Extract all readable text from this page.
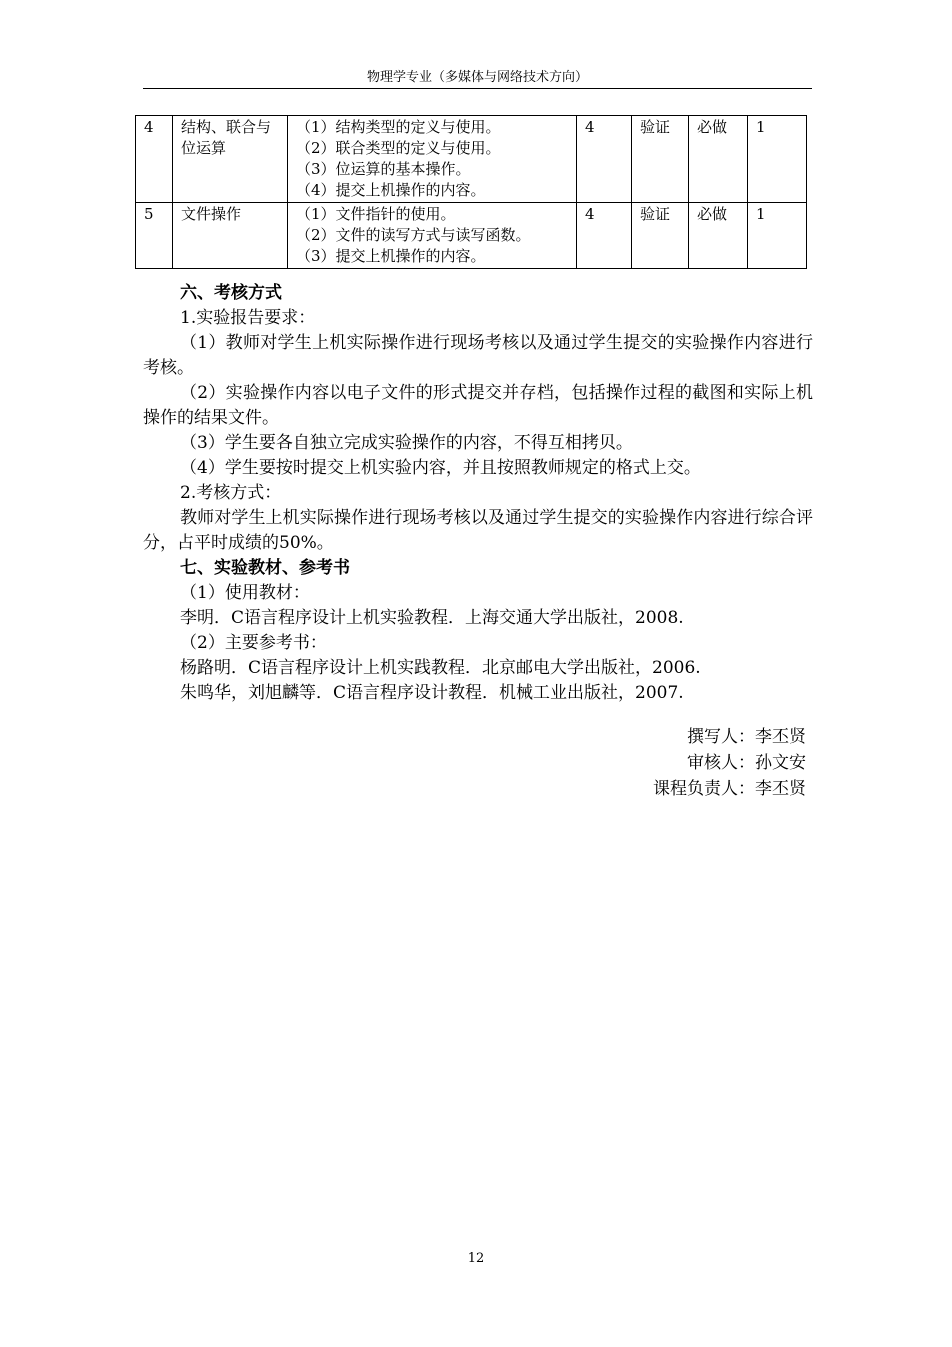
物理学专业（多媒体与网络技术方向）
4	结构、联合与位运算	（1）结构类型的定义与使用。
（2）联合类型的定义与使用。
（3）位运算的基本操作。
（4）提交上机操作的内容。	4	验证	必做	1
5	文件操作	（1）文件指针的使用。
（2）文件的读写方式与读写函数。
（3）提交上机操作的内容。	4	验证	必做	1

六、考核方式

1.实验报告要求：

（1）教师对学生上机实际操作进行现场考核以及通过学生提交的实验操作内容进行考核。

（2）实验操作内容以电子文件的形式提交并存档，包括操作过程的截图和实际上机操作的结果文件。

（3）学生要各自独立完成实验操作的内容，不得互相拷贝。

（4）学生要按时提交上机实验内容，并且按照教师规定的格式上交。

2.考核方式：

教师对学生上机实际操作进行现场考核以及通过学生提交的实验操作内容进行综合评分，占平时成绩的50%。

七、实验教材、参考书

（1）使用教材：

李明．C语言程序设计上机实验教程．上海交通大学出版社，2008.

（2）主要参考书：

杨路明．C语言程序设计上机实践教程．北京邮电大学出版社，2006.

朱鸣华，刘旭麟等．C语言程序设计教程．机械工业出版社，2007.

撰写人：李丕贤

审核人：孙文安

课程负责人：李丕贤

12
